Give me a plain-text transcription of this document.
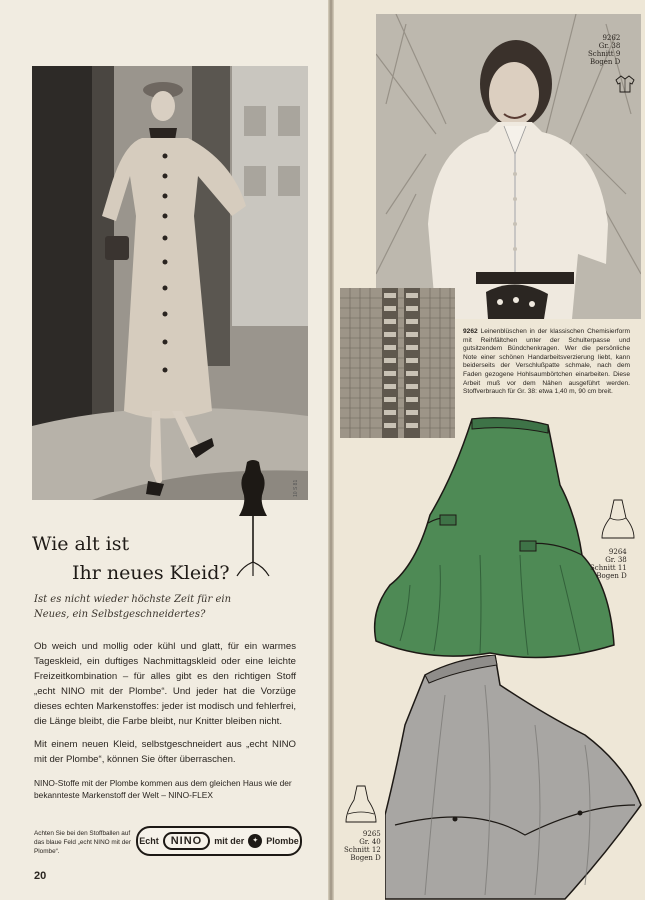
10 S 81
Wie alt ist
Ihr neues Kleid?
Ist es nicht wieder höchste Zeit für ein Neues, ein Selbstgeschneidertes?

Ob weich und mollig oder kühl und glatt, für ein warmes Tageskleid, ein duftiges Nachmittagskleid oder eine leichte Freizeitkombination – für alles gibt es den richtigen Stoff „echt NINO mit der Plombe“. Und jeder hat die Vorzüge dieses echten Markenstoffes: jeder ist modisch und fehlerfrei, die Länge bleibt, die Farbe bleibt, nur Knitter bleiben nicht.

Mit einem neuen Kleid, selbstgeschneidert aus „echt NINO mit der Plombe“, können Sie öfter überraschen.

NINO-Stoffe mit der Plombe kommen aus dem gleichen Haus wie der bekannteste Markenstoff der Welt – NINO-FLEX
Achten Sie bei den Stoffballen auf das blaue Feld „echt NINO mit der Plombe“.
Echt	NINO	mit der	✦ Plombe
20
9262
Gr. 38
Schnitt 9
Bogen D
9262 Leinenblüschen in der klassischen Chemisierform mit Reihfältchen unter der Schulterpasse und gutsitzendem Bündchenkragen. Wer die persönliche Note einer schönen Handarbeitsverzierung liebt, kann beiderseits der Verschlußpatte schmale, nach dem Faden gezogene Hohlsaumbörtchen einarbeiten. Diese Arbeit muß vor dem Nähen ausgeführt werden. Stoffverbrauch für Gr. 38: etwa 1,40 m, 90 cm breit.
9264
Gr. 38
Schnitt 11
Bogen D
9265
Gr. 40
Schnitt 12
Bogen D
